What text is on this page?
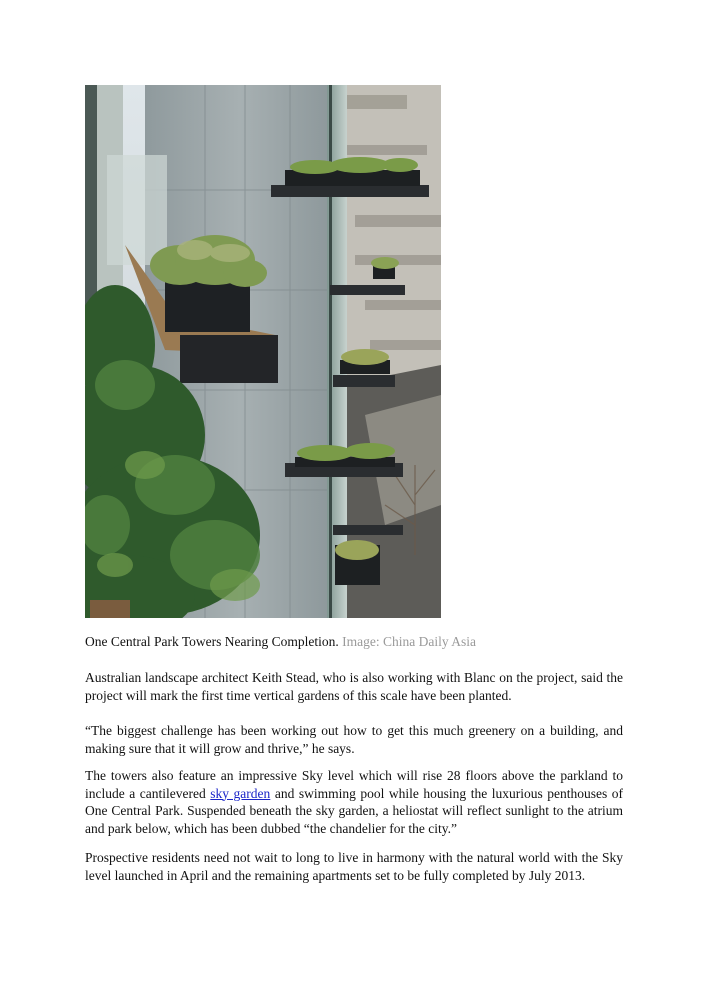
One Central Park Towers Nearing Completion. Image: China Daily Asia

Australian landscape architect Keith Stead, who is also working with Blanc on the project, said the project will mark the first time vertical gardens of this scale have been planted.

“The biggest challenge has been working out how to get this much greenery on a building, and making sure that it will grow and thrive,” he says.

The towers also feature an impressive Sky level which will rise 28 floors above the parkland to include a cantilevered sky garden and swimming pool while housing the luxurious penthouses of One Central Park. Suspended beneath the sky garden, a heliostat will reflect sunlight to the atrium and park below, which has been dubbed “the chandelier for the city.”

Prospective residents need not wait to long to live in harmony with the natural world with the Sky level launched in April and the remaining apartments set to be fully completed by July 2013.
